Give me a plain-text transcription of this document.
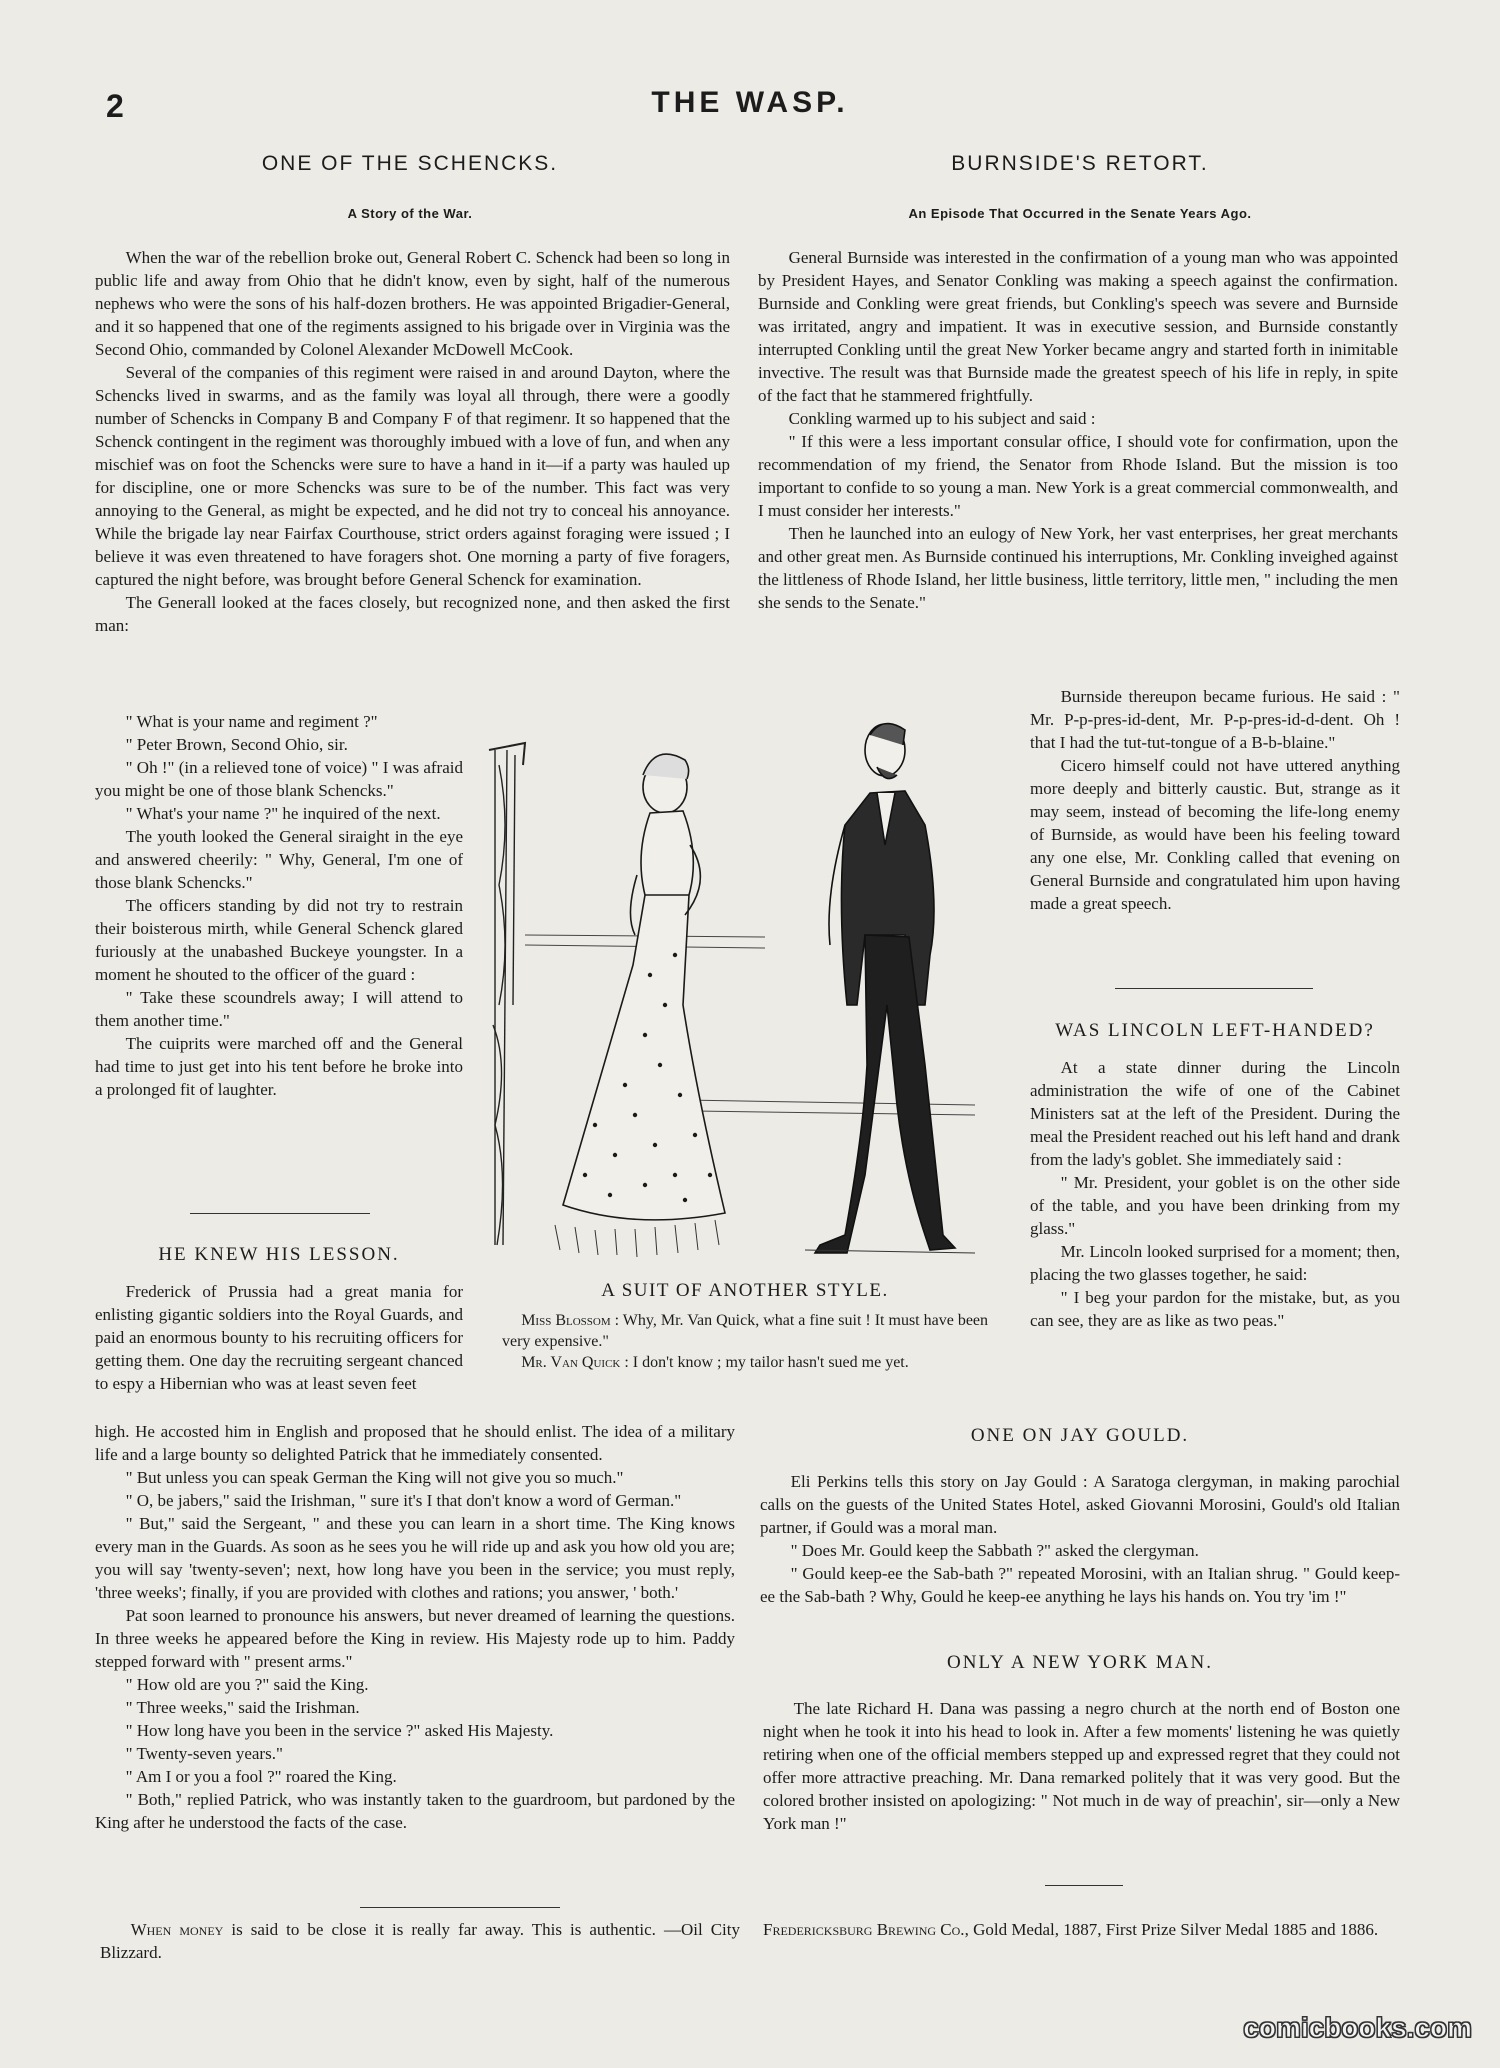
2	THE WASP.
ONE OF THE SCHENCKS.
A Story of the War.

When the war of the rebellion broke out, General Robert C. Schenck had been so long in public life and away from Ohio that he didn't know, even by sight, half of the numerous nephews who were the sons of his half-dozen brothers. He was appointed Brigadier-General, and it so happened that one of the regiments assigned to his brigade over in Virginia was the Second Ohio, commanded by Colonel Alexander McDowell McCook.

Several of the companies of this regiment were raised in and around Dayton, where the Schencks lived in swarms, and as the family was loyal all through, there were a goodly number of Schencks in Company B and Company F of that regimenr. It so happened that the Schenck contingent in the regiment was thoroughly imbued with a love of fun, and when any mischief was on foot the Schencks were sure to have a hand in it—if a party was hauled up for discipline, one or more Schencks was sure to be of the number. This fact was very annoying to the General, as might be expected, and he did not try to conceal his annoyance. While the brigade lay near Fairfax Courthouse, strict orders against foraging were issued ; I believe it was even threatened to have foragers shot. One morning a party of five foragers, captured the night before, was brought before General Schenck for examination.

The Generall looked at the faces closely, but recognized none, and then asked the first man:

" What is your name and regiment ?"

" Peter Brown, Second Ohio, sir.

" Oh !" (in a relieved tone of voice) " I was afraid you might be one of those blank Schencks."

" What's your name ?" he inquired of the next.

The youth looked the General siraight in the eye and answered cheerily: " Why, General, I'm one of those blank Schencks."

The officers standing by did not try to restrain their boisterous mirth, while General Schenck glared furiously at the unabashed Buckeye youngster. In a moment he shouted to the officer of the guard :

" Take these scoundrels away; I will attend to them another time."

The cuiprits were marched off and the General had time to just get into his tent before he broke into a prolonged fit of laughter.

HE KNEW HIS LESSON.

Frederick of Prussia had a great mania for enlisting gigantic soldiers into the Royal Guards, and paid an enormous bounty to his recruiting officers for getting them. One day the recruiting sergeant chanced to espy a Hibernian who was at least seven feet

high. He accosted him in English and proposed that he should enlist. The idea of a military life and a large bounty so delighted Patrick that he immediately consented.

" But unless you can speak German the King will not give you so much."

" O, be jabers," said the Irishman, " sure it's I that don't know a word of German."

" But," said the Sergeant, " and these you can learn in a short time. The King knows every man in the Guards. As soon as he sees you he will ride up and ask you how old you are; you will say 'twenty-seven'; next, how long have you been in the service; you must reply, 'three weeks'; finally, if you are provided with clothes and rations; you answer, ' both.'

Pat soon learned to pronounce his answers, but never dreamed of learning the questions. In three weeks he appeared before the King in review. His Majesty rode up to him. Paddy stepped forward with " present arms."

" How old are you ?" said the King.

" Three weeks," said the Irishman.

" How long have you been in the service ?" asked His Majesty.

" Twenty-seven years."

" Am I or you a fool ?" roared the King.

" Both," replied Patrick, who was instantly taken to the guardroom, but pardoned by the King after he understood the facts of the case.

When money is said to be close it is really far away. This is authentic. —Oil City Blizzard.

A SUIT OF ANOTHER STYLE.
Miss Blossom : Why, Mr. Van Quick, what a fine suit ! It must have been very expensive."
Mr. Van Quick : I don't know ; my tailor hasn't sued me yet.
BURNSIDE'S RETORT.
An Episode That Occurred in the Senate Years Ago.

General Burnside was interested in the confirmation of a young man who was appointed by President Hayes, and Senator Conkling was making a speech against the confirmation. Burnside and Conkling were great friends, but Conkling's speech was severe and Burnside was irritated, angry and impatient. It was in executive session, and Burnside constantly interrupted Conkling until the great New Yorker became angry and started forth in inimitable invective. The result was that Burnside made the greatest speech of his life in reply, in spite of the fact that he stammered frightfully.

Conkling warmed up to his subject and said :

" If this were a less important consular office, I should vote for confirmation, upon the recommendation of my friend, the Senator from Rhode Island. But the mission is too important to confide to so young a man. New York is a great commercial commonwealth, and I must consider her interests."

Then he launched into an eulogy of New York, her vast enterprises, her great merchants and other great men. As Burnside continued his interruptions, Mr. Conkling inveighed against the littleness of Rhode Island, her little business, little territory, little men, " including the men she sends to the Senate."

Burnside thereupon became furious. He said : " Mr. P-p-pres-id-dent, Mr. P-p-pres-id-d-dent. Oh ! that I had the tut-tut-tongue of a B-b-blaine."

Cicero himself could not have uttered anything more deeply and bitterly caustic. But, strange as it may seem, instead of becoming the life-long enemy of Burnside, as would have been his feeling toward any one else, Mr. Conkling called that evening on General Burnside and congratulated him upon having made a great speech.

WAS LINCOLN LEFT-HANDED?

At a state dinner during the Lincoln administration the wife of one of the Cabinet Ministers sat at the left of the President. During the meal the President reached out his left hand and drank from the lady's goblet. She immediately said :

" Mr. President, your goblet is on the other side of the table, and you have been drinking from my glass."

Mr. Lincoln looked surprised for a moment; then, placing the two glasses together, he said:

" I beg your pardon for the mistake, but, as you can see, they are as like as two peas."

ONE ON JAY GOULD.

Eli Perkins tells this story on Jay Gould : A Saratoga clergyman, in making parochial calls on the guests of the United States Hotel, asked Giovanni Morosini, Gould's old Italian partner, if Gould was a moral man.

" Does Mr. Gould keep the Sabbath ?" asked the clergyman.

" Gould keep-ee the Sab-bath ?" repeated Morosini, with an Italian shrug. " Gould keep-ee the Sab-bath ? Why, Gould he keep-ee anything he lays his hands on. You try 'im !"

ONLY A NEW YORK MAN.

The late Richard H. Dana was passing a negro church at the north end of Boston one night when he took it into his head to look in. After a few moments' listening he was quietly retiring when one of the official members stepped up and expressed regret that they could not offer more attractive preaching. Mr. Dana remarked politely that it was very good. But the colored brother insisted on apologizing: " Not much in de way of preachin', sir—only a New York man !"

Fredericksburg Brewing Co., Gold Medal, 1887, First Prize Silver Medal 1885 and 1886.

comicbooks.com
